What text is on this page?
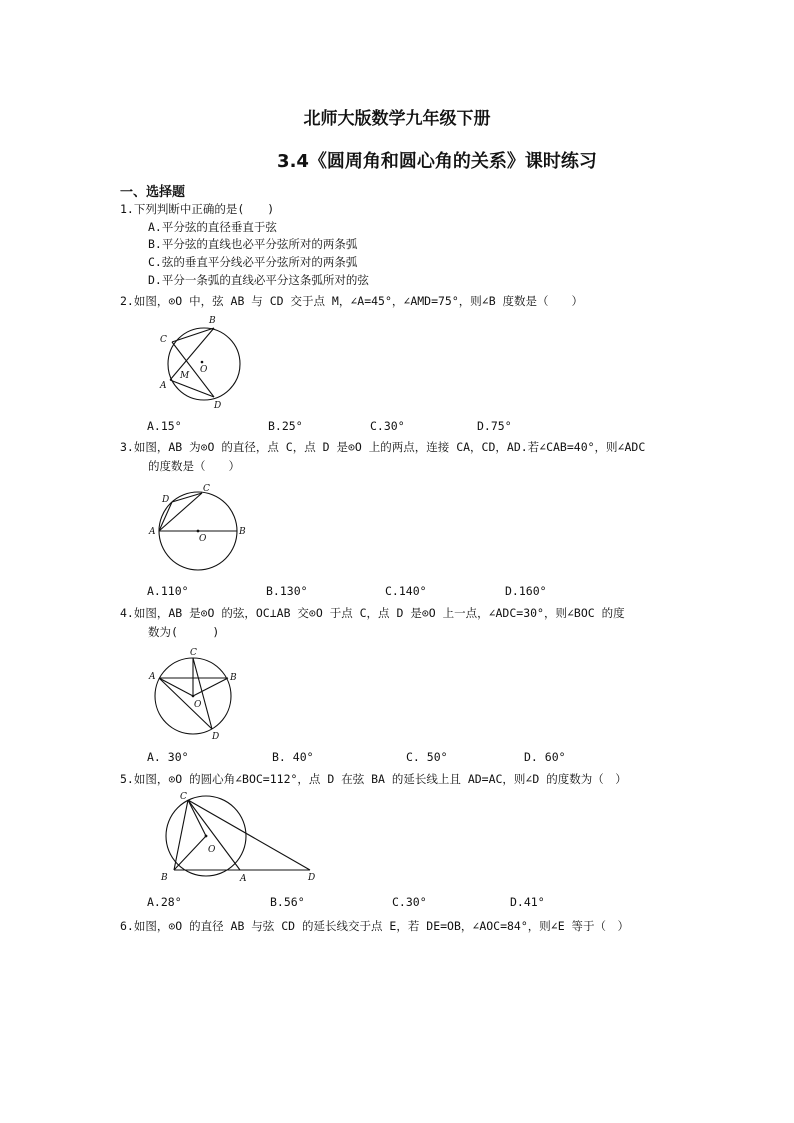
北师大版数学九年级下册
3.4《圆周角和圆心角的关系》课时练习
一、选择题
1.下列判断中正确的是(　　)
A.平分弦的直径垂直于弦
B.平分弦的直线也必平分弦所对的两条弧
C.弦的垂直平分线必平分弦所对的两条弧
D.平分一条弧的直线必平分这条弧所对的弦
2.如图，⊙O 中，弦 AB 与 CD 交于点 M，∠A=45°，∠AMD=75°，则∠B 度数是（　　）
B
C
A
D
M
O
A.15°	B.25°	C.30°	D.75°
3.如图，AB 为⊙O 的直径，点 C，点 D 是⊙O 上的两点，连接 CA，CD，AD.若∠CAB=40°，则∠ADC
的度数是（　　）
C
D
A	B
O
A.110°	B.130°	C.140°	D.160°
4.如图，AB 是⊙O 的弦，OC⊥AB 交⊙O 于点 C，点 D 是⊙O 上一点，∠ADC=30°，则∠BOC 的度
数为(　　　)
C
A	B
O
D
A. 30°	B. 40°	C. 50°	D. 60°
5.如图，⊙O 的圆心角∠BOC=112°，点 D 在弦 BA 的延长线上且 AD=AC，则∠D 的度数为（　）
C
O
B	A	D
A.28°	B.56°	C.30°	D.41°
6.如图，⊙O 的直径 AB 与弦 CD 的延长线交于点 E，若 DE=OB，∠AOC=84°，则∠E 等于（　）
